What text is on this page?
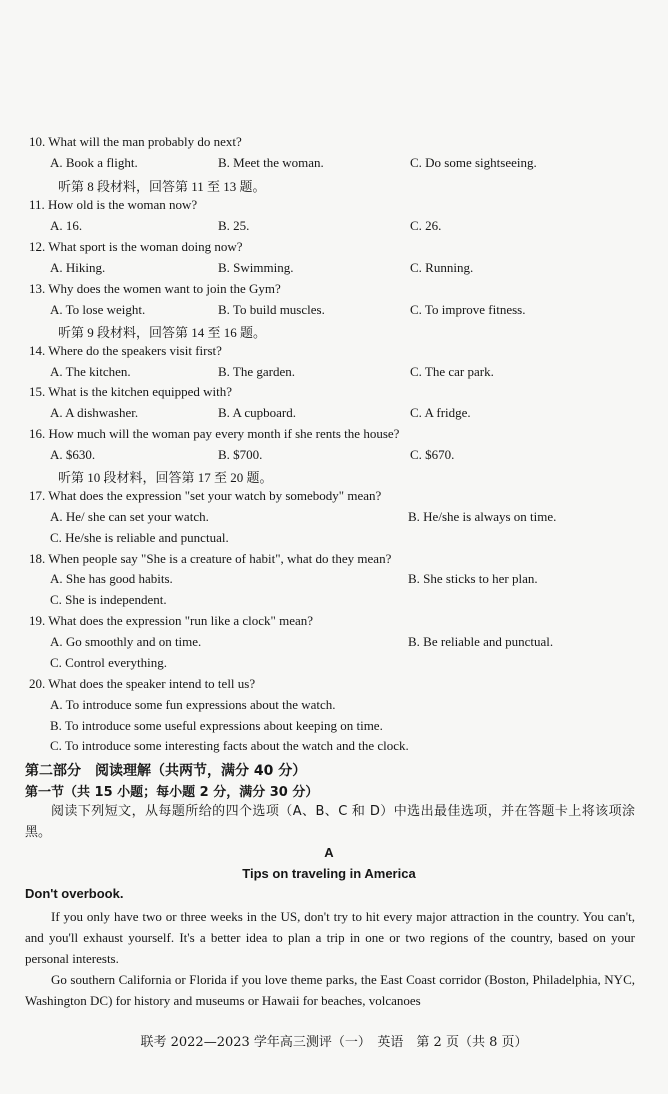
10. What will the man probably do next?
A. Book a flight.	B. Meet the woman.	C. Do some sightseeing.
听第 8 段材料，回答第 11 至 13 题。
11. How old is the woman now?
A. 16.	B. 25.	C. 26.
12. What sport is the woman doing now?
A. Hiking.	B. Swimming.	C. Running.
13. Why does the women want to join the Gym?
A. To lose weight.	B. To build muscles.	C. To improve fitness.
听第 9 段材料，回答第 14 至 16 题。
14. Where do the speakers visit first?
A. The kitchen.	B. The garden.	C. The car park.
15. What is the kitchen equipped with?
A. A dishwasher.	B. A cupboard.	C. A fridge.
16. How much will the woman pay every month if she rents the house?
A. $630.	B. $700.	C. $670.
听第 10 段材料，回答第 17 至 20 题。
17. What does the expression "set your watch by somebody" mean?
A. He/ she can set your watch.	B. He/she is always on time.
C. He/she is reliable and punctual.
18. When people say "She is a creature of habit", what do they mean?
A. She has good habits.	B. She sticks to her plan.
C. She is independent.
19. What does the expression "run like a clock" mean?
A. Go smoothly and on time.	B. Be reliable and punctual.
C. Control everything.
20. What does the speaker intend to tell us?
A. To introduce some fun expressions about the watch.
B. To introduce some useful expressions about keeping on time.
C. To introduce some interesting facts about the watch and the clock.
第二部分　阅读理解（共两节，满分 40 分）
第一节（共 15 小题；每小题 2 分，满分 30 分）
阅读下列短文，从每题所给的四个选项（A、B、C 和 D）中选出最佳选项，并在答题卡上将该项涂黑。
A
Tips on traveling in America
Don't overbook.
If you only have two or three weeks in the US, don't try to hit every major attraction in the country. You can't, and you'll exhaust yourself. It's a better idea to plan a trip in one or two regions of the country, based on your personal interests.
Go southern California or Florida if you love theme parks, the East Coast corridor (Boston, Philadelphia, NYC, Washington DC) for history and museums or Hawaii for beaches, volcanoes
联考 2022—2023 学年高三测评（一）　英语　第 2 页（共 8 页）
